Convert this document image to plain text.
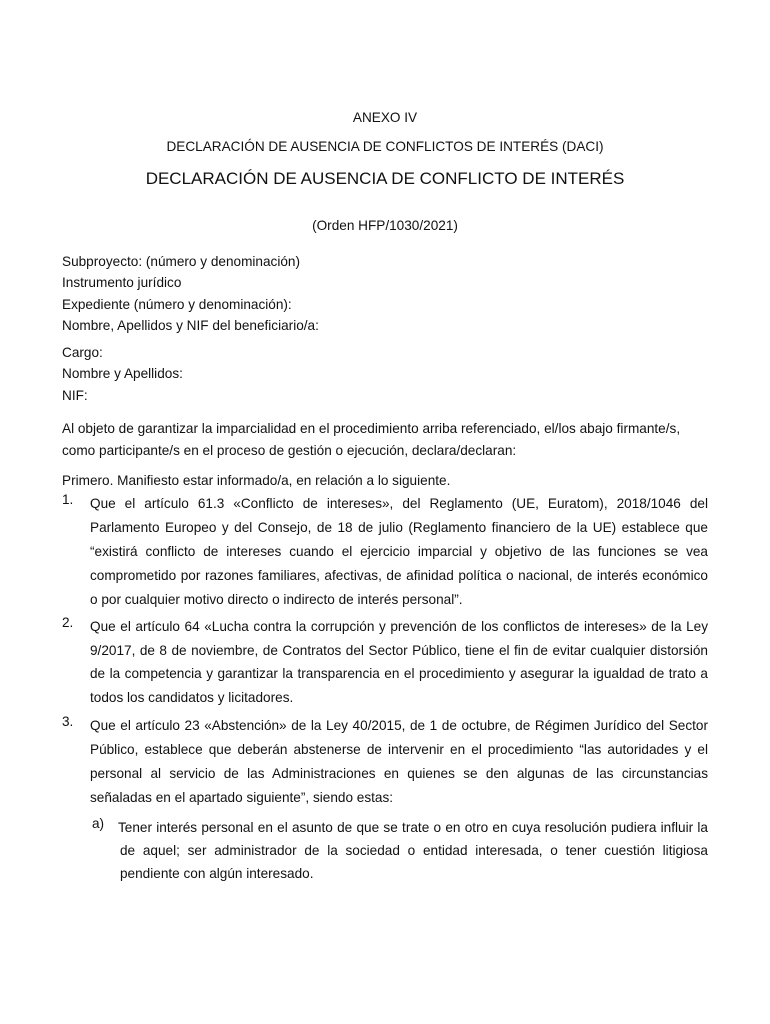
ANEXO IV
DECLARACIÓN DE AUSENCIA DE CONFLICTOS DE INTERÉS (DACI)
DECLARACIÓN DE AUSENCIA DE CONFLICTO DE INTERÉS
(Orden HFP/1030/2021)
Subproyecto: (número y denominación)
Instrumento jurídico
Expediente (número y denominación):
Nombre, Apellidos y NIF del beneficiario/a:
Cargo:
Nombre y Apellidos:
NIF:
Al objeto de garantizar la imparcialidad en el procedimiento arriba referenciado, el/los abajo firmante/s, como participante/s en el proceso de gestión o ejecución, declara/declaran:
Primero. Manifiesto estar informado/a, en relación a lo siguiente.
1. Que el artículo 61.3 «Conflicto de intereses», del Reglamento (UE, Euratom), 2018/1046 del Parlamento Europeo y del Consejo, de 18 de julio (Reglamento financiero de la UE) establece que “existirá conflicto de intereses cuando el ejercicio imparcial y objetivo de las funciones se vea comprometido por razones familiares, afectivas, de afinidad política o nacional, de interés económico o por cualquier motivo directo o indirecto de interés personal”.
2. Que el artículo 64 «Lucha contra la corrupción y prevención de los conflictos de intereses» de la Ley 9/2017, de 8 de noviembre, de Contratos del Sector Público, tiene el fin de evitar cualquier distorsión de la competencia y garantizar la transparencia en el procedimiento y asegurar la igualdad de trato a todos los candidatos y licitadores.
3. Que el artículo 23 «Abstención» de la Ley 40/2015, de 1 de octubre, de Régimen Jurídico del Sector Público, establece que deberán abstenerse de intervenir en el procedimiento “las autoridades y el personal al servicio de las Administraciones en quienes se den algunas de las circunstancias señaladas en el apartado siguiente”, siendo estas:
a) Tener interés personal en el asunto de que se trate o en otro en cuya resolución pudiera influir la de aquel; ser administrador de la sociedad o entidad interesada, o tener cuestión litigiosa pendiente con algún interesado.
